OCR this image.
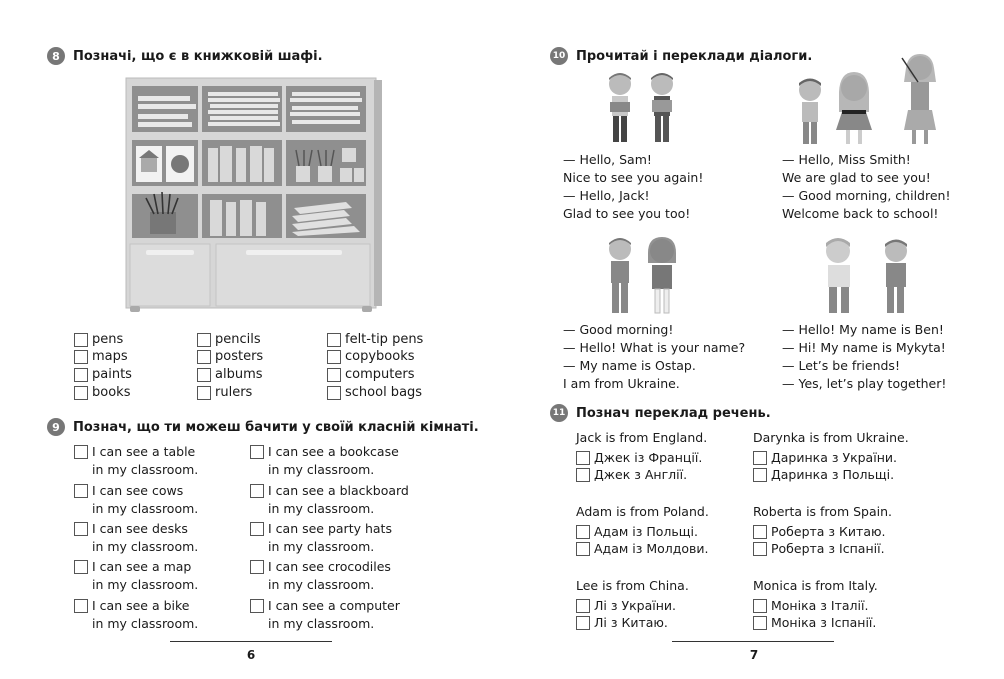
8	Позначі, що є в книжковій шафі.
pens
maps
paints
books
pencils
posters
albums
rulers
felt-tip pens
copybooks
computers
school bags
9	Познач, що ти можеш бачити у своїй класній кімнаті.
I can see a table
in my classroom.
I can see cows
in my classroom.
I can see desks
in my classroom.
I can see a map
in my classroom.
I can see a bike
in my classroom.
I can see a bookcase
in my classroom.
I can see a blackboard
in my classroom.
I can see party hats
in my classroom.
I can see crocodiles
in my classroom.
I can see a computer
in my classroom.
6
10 Прочитай і переклади діалоги.
— Hello, Sam!
Nice to see you again!
— Hello, Jack!
Glad to see you too!
— Hello, Miss Smith!
We are glad to see you!
— Good morning, children!
Welcome back to school!
— Good morning!
— Hello! What is your name?
— My name is Ostap.
I am from Ukraine.
— Hello! My name is Ben!
— Hi! My name is Mykyta!
— Let’s be friends!
— Yes, let’s play together!
11 Познач переклад речень.
Jack is from England.
Джек із Франції.
Джек з Англії.
Darynka is from Ukraine.
Даринка з України.
Даринка з Польщі.
Adam is from Poland.
Адам із Польщі.
Адам із Молдови.
Roberta is from Spain.
Роберта з Китаю.
Роберта з Іспанії.
Lee is from China.
Лі з України.
Лі з Китаю.
Monica is from Italy.
Моніка з Італії.
Моніка з Іспанії.
7
